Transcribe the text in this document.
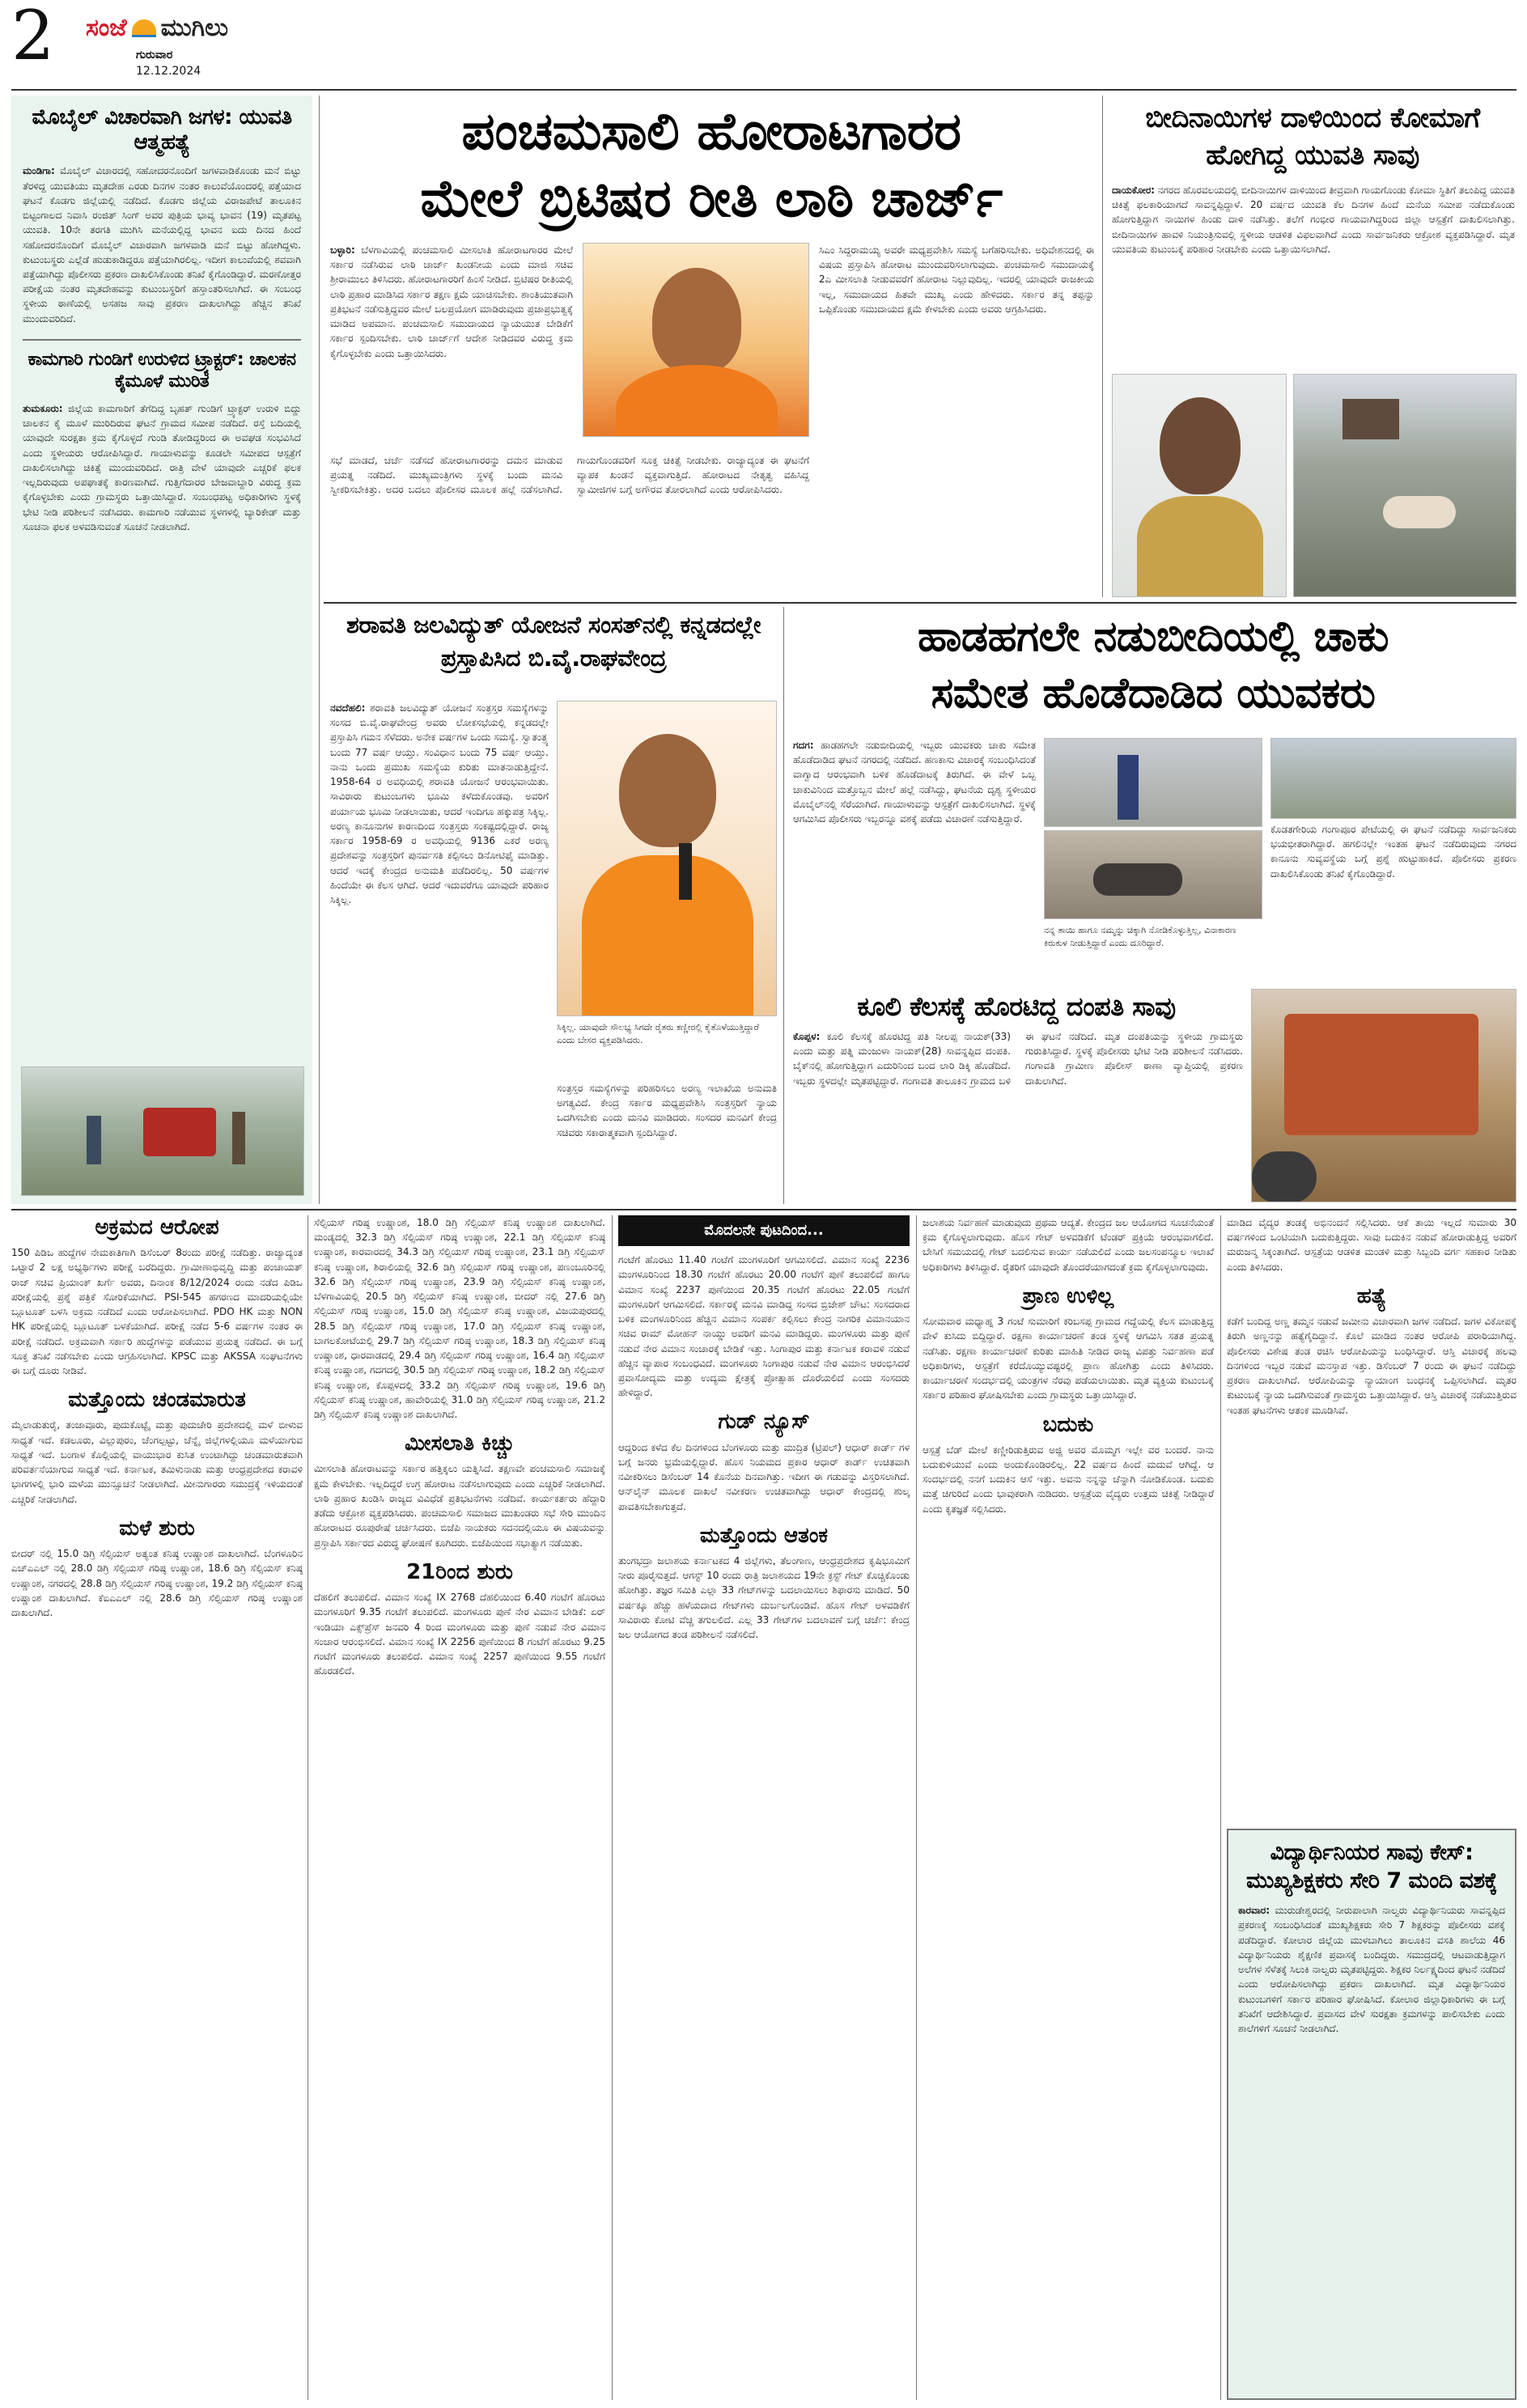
2 ಸಂಜೆ ಮುಗಿಲು
ಗುರುವಾರ
12.12.2024
ಮೊಬೈಲ್ ವಿಚಾರವಾಗಿ ಜಗಳ: ಯುವತಿ ಆತ್ಮಹತ್ಯೆ
ಮಂಡಿಗಾ: ಮೊಬೈಲ್ ವಿಚಾರದಲ್ಲಿ ಸಹೋದರನೊಂದಿಗೆ ಜಗಳವಾಡಿಕೊಂಡು ಮನೆ ಬಿಟ್ಟು ತೆರಳಿದ್ದ ಯುವತಿಯು ಮೃತದೇಹ ಎರಡು ದಿನಗಳ ನಂತರ ಕಾಲುವೆಯೊಂದರಲ್ಲಿ ಪತ್ತೆಯಾದ ಘಟನೆ ಕೊಡಗು ಜಿಲ್ಲೆಯಲ್ಲಿ ನಡೆದಿದೆ. ಕೊಡಗು ಜಿಲ್ಲೆಯ ವಿರಾಜಪೇಟೆ ತಾಲೂಕಿನ ಬಿಟ್ಟಂಗಾಲದ ನಿವಾಸಿ ರಂಜಿತ್ ಸಿಂಗ್ ಅವರ ಪುತ್ರಿಯ ಭಾವ್ಯ ಭಾವನ (19) ಮೃತಪಟ್ಟ ಯುವತಿ. 10ನೇ ತರಗತಿ ಮುಗಿಸಿ ಮನೆಯಲ್ಲಿದ್ದ ಭಾವನ ಐದು ದಿನದ ಹಿಂದೆ ಸಹೋದರನೊಂದಿಗೆ ಮೊಬೈಲ್ ವಿಚಾರವಾಗಿ ಜಗಳವಾಡಿ ಮನೆ ಬಿಟ್ಟು ಹೋಗಿದ್ದಳು. ಕುಟುಂಬಸ್ಥರು ಎಲ್ಲೆಡೆ ಹುಡುಕಾಡಿದ್ದರೂ ಪತ್ತೆಯಾಗಿರಲಿಲ್ಲ. ಇದೀಗ ಕಾಲುವೆಯಲ್ಲಿ ಶವವಾಗಿ ಪತ್ತೆಯಾಗಿದ್ದು ಪೊಲೀಸರು ಪ್ರಕರಣ ದಾಖಲಿಸಿಕೊಂಡು ತನಿಖೆ ಕೈಗೊಂಡಿದ್ದಾರೆ. ಮರಣೋತ್ತರ ಪರೀಕ್ಷೆಯ ನಂತರ ಮೃತದೇಹವನ್ನು ಕುಟುಂಬಸ್ಥರಿಗೆ ಹಸ್ತಾಂತರಿಸಲಾಗಿದೆ. ಈ ಸಂಬಂಧ ಸ್ಥಳೀಯ ಠಾಣೆಯಲ್ಲಿ ಅಸಹಜ ಸಾವು ಪ್ರಕರಣ ದಾಖಲಾಗಿದ್ದು ಹೆಚ್ಚಿನ ತನಿಖೆ ಮುಂದುವರಿದಿದೆ.
ಕಾಮಗಾರಿ ಗುಂಡಿಗೆ ಉರುಳಿದ ಟ್ರ್ಯಾಕ್ಟರ್: ಚಾಲಕನ ಕೈಮೂಳೆ ಮುರಿತ
ತುಮಕೂರು: ಜಿಲ್ಲೆಯ ಕಾಮಗಾರಿಗೆ ತೆಗೆದಿದ್ದ ಬೃಹತ್ ಗುಂಡಿಗೆ ಟ್ರ್ಯಾಕ್ಟರ್ ಉರುಳಿ ಬಿದ್ದು ಚಾಲಕನ ಕೈ ಮೂಳೆ ಮುರಿದಿರುವ ಘಟನೆ ಗ್ರಾಮದ ಸಮೀಪ ನಡೆದಿದೆ. ರಸ್ತೆ ಬದಿಯಲ್ಲಿ ಯಾವುದೇ ಸುರಕ್ಷತಾ ಕ್ರಮ ಕೈಗೊಳ್ಳದೆ ಗುಂಡಿ ತೋಡಿದ್ದರಿಂದ ಈ ಅವಘಡ ಸಂಭವಿಸಿದೆ ಎಂದು ಸ್ಥಳೀಯರು ಆರೋಪಿಸಿದ್ದಾರೆ. ಗಾಯಾಳುವನ್ನು ಕೂಡಲೇ ಸಮೀಪದ ಆಸ್ಪತ್ರೆಗೆ ದಾಖಲಿಸಲಾಗಿದ್ದು ಚಿಕಿತ್ಸೆ ಮುಂದುವರಿದಿದೆ. ರಾತ್ರಿ ವೇಳೆ ಯಾವುದೇ ಎಚ್ಚರಿಕೆ ಫಲಕ ಇಲ್ಲದಿರುವುದು ಅಪಘಾತಕ್ಕೆ ಕಾರಣವಾಗಿದೆ. ಗುತ್ತಿಗೆದಾರರ ಬೇಜವಾಬ್ದಾರಿ ವಿರುದ್ಧ ಕ್ರಮ ಕೈಗೊಳ್ಳಬೇಕು ಎಂದು ಗ್ರಾಮಸ್ಥರು ಒತ್ತಾಯಿಸಿದ್ದಾರೆ. ಸಂಬಂಧಪಟ್ಟ ಅಧಿಕಾರಿಗಳು ಸ್ಥಳಕ್ಕೆ ಭೇಟಿ ನೀಡಿ ಪರಿಶೀಲನೆ ನಡೆಸಿದರು. ಕಾಮಗಾರಿ ನಡೆಯುವ ಸ್ಥಳಗಳಲ್ಲಿ ಬ್ಯಾರಿಕೇಡ್ ಮತ್ತು ಸೂಚನಾ ಫಲಕ ಅಳವಡಿಸುವಂತೆ ಸೂಚನೆ ನೀಡಲಾಗಿದೆ.
ಪಂಚಮಸಾಲಿ ಹೋರಾಟಗಾರರ
ಮೇಲೆ ಬ್ರಿಟಿಷರ ರೀತಿ ಲಾಠಿ ಚಾರ್ಜ್
ಬಳ್ಳಾರಿ: ಬೆಳಗಾವಿಯಲ್ಲಿ ಪಂಚಮಸಾಲಿ ಮೀಸಲಾತಿ ಹೋರಾಟಗಾರರ ಮೇಲೆ ಸರ್ಕಾರ ನಡೆಸಿರುವ ಲಾಠಿ ಚಾರ್ಜ್ ಖಂಡನೀಯ ಎಂದು ಮಾಜಿ ಸಚಿವ ಶ್ರೀರಾಮುಲು ತಿಳಿಸಿದರು. ಹೋರಾಟಗಾರರಿಗೆ ಹಿಂಸೆ ನೀಡಿದೆ. ಬ್ರಿಟಿಷರ ರೀತಿಯಲ್ಲಿ ಲಾಠಿ ಪ್ರಹಾರ ಮಾಡಿಸಿದ ಸರ್ಕಾರ ತಕ್ಷಣ ಕ್ಷಮೆ ಯಾಚಿಸಬೇಕು. ಶಾಂತಿಯುತವಾಗಿ ಪ್ರತಿಭಟನೆ ನಡೆಸುತ್ತಿದ್ದವರ ಮೇಲೆ ಬಲಪ್ರಯೋಗ ಮಾಡಿರುವುದು ಪ್ರಜಾಪ್ರಭುತ್ವಕ್ಕೆ ಮಾಡಿದ ಅಪಮಾನ. ಪಂಚಮಸಾಲಿ ಸಮುದಾಯದ ನ್ಯಾಯಯುತ ಬೇಡಿಕೆಗೆ ಸರ್ಕಾರ ಸ್ಪಂದಿಸಬೇಕು. ಲಾಠಿ ಚಾರ್ಜ್‌ಗೆ ಆದೇಶ ನೀಡಿದವರ ವಿರುದ್ಧ ಕ್ರಮ ಕೈಗೊಳ್ಳಬೇಕು ಎಂದು ಒತ್ತಾಯಿಸಿದರು.
ಸಿಎಂ ಸಿದ್ದರಾಮಯ್ಯ ಅವರೇ ಮಧ್ಯಪ್ರವೇಶಿಸಿ ಸಮಸ್ಯೆ ಬಗೆಹರಿಸಬೇಕು. ಅಧಿವೇಶನದಲ್ಲಿ ಈ ವಿಷಯ ಪ್ರಸ್ತಾಪಿಸಿ ಹೋರಾಟ ಮುಂದುವರಿಸಲಾಗುವುದು. ಪಂಚಮಸಾಲಿ ಸಮುದಾಯಕ್ಕೆ 2ಎ ಮೀಸಲಾತಿ ನೀಡುವವರೆಗೆ ಹೋರಾಟ ನಿಲ್ಲುವುದಿಲ್ಲ. ಇದರಲ್ಲಿ ಯಾವುದೇ ರಾಜಕೀಯ ಇಲ್ಲ, ಸಮುದಾಯದ ಹಿತವೇ ಮುಖ್ಯ ಎಂದು ಹೇಳಿದರು. ಸರ್ಕಾರ ತನ್ನ ತಪ್ಪನ್ನು ಒಪ್ಪಿಕೊಂಡು ಸಮುದಾಯದ ಕ್ಷಮೆ ಕೇಳಬೇಕು ಎಂದು ಅವರು ಆಗ್ರಹಿಸಿದರು.
ಸಭೆ ಮಾಡದೆ, ಚರ್ಚೆ ನಡೆಸದೆ ಹೋರಾಟಗಾರರನ್ನು ದಮನ ಮಾಡುವ ಪ್ರಯತ್ನ ನಡೆದಿದೆ. ಮುಖ್ಯಮಂತ್ರಿಗಳು ಸ್ಥಳಕ್ಕೆ ಬಂದು ಮನವಿ ಸ್ವೀಕರಿಸಬೇಕಿತ್ತು. ಅದರ ಬದಲು ಪೊಲೀಸರ ಮೂಲಕ ಹಲ್ಲೆ ನಡೆಸಲಾಗಿದೆ. ಗಾಯಗೊಂಡವರಿಗೆ ಸೂಕ್ತ ಚಿಕಿತ್ಸೆ ನೀಡಬೇಕು. ರಾಜ್ಯಾದ್ಯಂತ ಈ ಘಟನೆಗೆ ವ್ಯಾಪಕ ಖಂಡನೆ ವ್ಯಕ್ತವಾಗುತ್ತಿದೆ. ಹೋರಾಟದ ನೇತೃತ್ವ ವಹಿಸಿದ್ದ ಸ್ವಾಮೀಜಿಗಳ ಬಗ್ಗೆ ಅಗೌರವ ತೋರಲಾಗಿದೆ ಎಂದು ಆರೋಪಿಸಿದರು.
ಬೀದಿನಾಯಿಗಳ ದಾಳಿಯಿಂದ ಕೋಮಾಗೆ ಹೋಗಿದ್ದ ಯುವತಿ ಸಾವು
ದಾಯಕೋರ: ನಗರದ ಹೊರವಲಯದಲ್ಲಿ ಬೀದಿನಾಯಿಗಳ ದಾಳಿಯಿಂದ ತೀವ್ರವಾಗಿ ಗಾಯಗೊಂಡು ಕೋಮಾ ಸ್ಥಿತಿಗೆ ತಲುಪಿದ್ದ ಯುವತಿ ಚಿಕಿತ್ಸೆ ಫಲಕಾರಿಯಾಗದೆ ಸಾವನ್ನಪ್ಪಿದ್ದಾಳೆ. 20 ವರ್ಷದ ಯುವತಿ ಕೆಲ ದಿನಗಳ ಹಿಂದೆ ಮನೆಯ ಸಮೀಪ ನಡೆದುಕೊಂಡು ಹೋಗುತ್ತಿದ್ದಾಗ ನಾಯಿಗಳ ಹಿಂಡು ದಾಳಿ ನಡೆಸಿತ್ತು. ತಲೆಗೆ ಗಂಭೀರ ಗಾಯವಾಗಿದ್ದರಿಂದ ಜಿಲ್ಲಾ ಆಸ್ಪತ್ರೆಗೆ ದಾಖಲಿಸಲಾಗಿತ್ತು. ಬೀದಿನಾಯಿಗಳ ಹಾವಳಿ ನಿಯಂತ್ರಿಸುವಲ್ಲಿ ಸ್ಥಳೀಯ ಆಡಳಿತ ವಿಫಲವಾಗಿದೆ ಎಂದು ಸಾರ್ವಜನಿಕರು ಆಕ್ರೋಶ ವ್ಯಕ್ತಪಡಿಸಿದ್ದಾರೆ. ಮೃತ ಯುವತಿಯ ಕುಟುಂಬಕ್ಕೆ ಪರಿಹಾರ ನೀಡಬೇಕು ಎಂದು ಒತ್ತಾಯಿಸಲಾಗಿದೆ.
ಶರಾವತಿ ಜಲವಿದ್ಯುತ್ ಯೋಜನೆ ಸಂಸತ್‌ನಲ್ಲಿ ಕನ್ನಡದಲ್ಲೇ ಪ್ರಸ್ತಾಪಿಸಿದ ಬಿ.ವೈ.ರಾಘವೇಂದ್ರ
ನವದೆಹಲಿ: ಶರಾವತಿ ಜಲವಿದ್ಯುತ್ ಯೋಜನೆ ಸಂತ್ರಸ್ತರ ಸಮಸ್ಯೆಗಳನ್ನು ಸಂಸದ ಬಿ.ವೈ.ರಾಘವೇಂದ್ರ ಅವರು ಲೋಕಸಭೆಯಲ್ಲಿ ಕನ್ನಡದಲ್ಲೇ ಪ್ರಸ್ತಾಪಿಸಿ ಗಮನ ಸೆಳೆದರು. ಅನೇಕ ವರ್ಷಗಳ ಒಂದು ಸಮಸ್ಯೆ. ಸ್ವಾತಂತ್ರ್ಯ ಬಂದು 77 ವರ್ಷ ಆಯ್ತು. ಸಂವಿಧಾನ ಬಂದು 75 ವರ್ಷ ಆಯ್ತು. ನಾನು ಒಂದು ಪ್ರಮುಖ ಸಮಸ್ಯೆಯ ಕುರಿತು ಮಾತನಾಡುತ್ತಿದ್ದೇನೆ. 1958-64 ರ ಅವಧಿಯಲ್ಲಿ ಶರಾವತಿ ಯೋಜನೆ ಆರಂಭವಾಯಿತು. ಸಾವಿರಾರು ಕುಟುಂಬಗಳು ಭೂಮಿ ಕಳೆದುಕೊಂಡವು. ಅವರಿಗೆ ಪರ್ಯಾಯ ಭೂಮಿ ನೀಡಲಾಯಿತು, ಆದರೆ ಇಂದಿಗೂ ಹಕ್ಕುಪತ್ರ ಸಿಕ್ಕಿಲ್ಲ. ಅರಣ್ಯ ಕಾನೂನುಗಳ ಕಾರಣದಿಂದ ಸಂತ್ರಸ್ತರು ಸಂಕಷ್ಟದಲ್ಲಿದ್ದಾರೆ. ರಾಜ್ಯ ಸರ್ಕಾರ 1958-69 ರ ಅವಧಿಯಲ್ಲಿ 9136 ಎಕರೆ ಅರಣ್ಯ ಪ್ರದೇಶವನ್ನು ಸಂತ್ರಸ್ತರಿಗೆ ಪುನರ್ವಸತಿ ಕಲ್ಪಿಸಲು ಡಿನೋಟಿಫೈ ಮಾಡಿತ್ತು. ಆದರೆ ಇದಕ್ಕೆ ಕೇಂದ್ರದ ಅನುಮತಿ ಪಡೆದಿರಲಿಲ್ಲ. 50 ವರ್ಷಗಳ ಹಿಂದೆಯೇ ಈ ಕೆಲಸ ಆಗಿದೆ. ಆದರೆ ಇದುವರೆಗೂ ಯಾವುದೇ ಪರಿಹಾರ ಸಿಕ್ಕಿಲ್ಲ.
ಸಿಕ್ಕಿಲ್ಲ. ಯಾವುದೇ ಸೌಲಭ್ಯ ಸಿಗದೇ ರೈತರು ಕಣ್ಣೀರಲ್ಲಿ ಕೈತೊಳೆಯುತ್ತಿದ್ದಾರೆ ಎಂದು ಬೇಸರ ವ್ಯಕ್ತಪಡಿಸಿದರು.
ಸಂತ್ರಸ್ತರ ಸಮಸ್ಯೆಗಳನ್ನು ಪರಿಹರಿಸಲು ಅರಣ್ಯ ಇಲಾಖೆಯ ಅನುಮತಿ ಅಗತ್ಯವಿದೆ. ಕೇಂದ್ರ ಸರ್ಕಾರ ಮಧ್ಯಪ್ರವೇಶಿಸಿ ಸಂತ್ರಸ್ತರಿಗೆ ನ್ಯಾಯ ಒದಗಿಸಬೇಕು ಎಂದು ಮನವಿ ಮಾಡಿದರು. ಸಂಸದರ ಮನವಿಗೆ ಕೇಂದ್ರ ಸಚಿವರು ಸಕಾರಾತ್ಮಕವಾಗಿ ಸ್ಪಂದಿಸಿದ್ದಾರೆ.
ಹಾಡಹಗಲೇ ನಡುಬೀದಿಯಲ್ಲಿ ಚಾಕು
ಸಮೇತ ಹೊಡೆದಾಡಿದ ಯುವಕರು
ಗದಗ: ಹಾಡಹಗಲೇ ನಡುಬೀದಿಯಲ್ಲಿ ಇಬ್ಬರು ಯುವಕರು ಚಾಕು ಸಮೇತ ಹೊಡೆದಾಡಿದ ಘಟನೆ ನಗರದಲ್ಲಿ ನಡೆದಿದೆ. ಹಣಕಾಸು ವಿಚಾರಕ್ಕೆ ಸಂಬಂಧಿಸಿದಂತೆ ವಾಗ್ವಾದ ಆರಂಭವಾಗಿ ಬಳಿಕ ಹೊಡೆದಾಟಕ್ಕೆ ತಿರುಗಿದೆ. ಈ ವೇಳೆ ಒಬ್ಬ ಚಾಕುವಿನಿಂದ ಮತ್ತೊಬ್ಬನ ಮೇಲೆ ಹಲ್ಲೆ ನಡೆಸಿದ್ದು, ಘಟನೆಯ ದೃಶ್ಯ ಸ್ಥಳೀಯರ ಮೊಬೈಲ್‌ನಲ್ಲಿ ಸೆರೆಯಾಗಿದೆ. ಗಾಯಾಳುವನ್ನು ಆಸ್ಪತ್ರೆಗೆ ದಾಖಲಿಸಲಾಗಿದೆ. ಸ್ಥಳಕ್ಕೆ ಆಗಮಿಸಿದ ಪೊಲೀಸರು ಇಬ್ಬರನ್ನೂ ವಶಕ್ಕೆ ಪಡೆದು ವಿಚಾರಣೆ ನಡೆಸುತ್ತಿದ್ದಾರೆ.
ನನ್ನ ತಾಯಿ ಹಾಗೂ ನಮ್ಮನ್ನು ಚಿಕ್ಕಾಗಿ ನೋಡಿಕೊಳ್ಳುತ್ತಿಲ್ಲ, ವಿನಾಕಾರಣ ಕಿರುಕುಳ ನೀಡುತ್ತಿದ್ದಾರೆ ಎಂದು ದೂರಿದ್ದಾರೆ.
ಕೊಡತಗೇರಿಯ ಗಂಗಾಪೂರ ಪೇಟೆಯಲ್ಲಿ ಈ ಘಟನೆ ನಡೆದಿದ್ದು ಸಾರ್ವಜನಿಕರು ಭಯಭೀತರಾಗಿದ್ದಾರೆ. ಹಗಲಿನಲ್ಲೇ ಇಂತಹ ಘಟನೆ ನಡೆದಿರುವುದು ನಗರದ ಕಾನೂನು ಸುವ್ಯವಸ್ಥೆಯ ಬಗ್ಗೆ ಪ್ರಶ್ನೆ ಹುಟ್ಟುಹಾಕಿದೆ. ಪೊಲೀಸರು ಪ್ರಕರಣ ದಾಖಲಿಸಿಕೊಂಡು ತನಿಖೆ ಕೈಗೊಂಡಿದ್ದಾರೆ.
ಕೂಲಿ ಕೆಲಸಕ್ಕೆ ಹೊರಟಿದ್ದ ದಂಪತಿ ಸಾವು
ಕೊಪ್ಪಳ: ಕೂಲಿ ಕೆಲಸಕ್ಕೆ ಹೊರಟಿದ್ದ ಪತಿ ನೀಲಪ್ಪ ನಾಯಕ್(33) ಎಂದು ಮತ್ತು ಪತ್ನಿ ಮಂಜುಳಾ ನಾಯಕ್(28) ಸಾವನ್ನಪ್ಪಿದ ದಂಪತಿ. ಬೈಕ್‌ನಲ್ಲಿ ಹೋಗುತ್ತಿದ್ದಾಗ ಎದುರಿನಿಂದ ಬಂದ ಲಾರಿ ಡಿಕ್ಕಿ ಹೊಡೆದಿದೆ. ಇಬ್ಬರು ಸ್ಥಳದಲ್ಲೇ ಮೃತಪಟ್ಟಿದ್ದಾರೆ. ಗಂಗಾವತಿ ತಾಲೂಕಿನ ಗ್ರಾಮದ ಬಳಿ ಈ ಘಟನೆ ನಡೆದಿದೆ. ಮೃತ ದಂಪತಿಯನ್ನು ಸ್ಥಳೀಯ ಗ್ರಾಮಸ್ಥರು ಗುರುತಿಸಿದ್ದಾರೆ. ಸ್ಥಳಕ್ಕೆ ಪೊಲೀಸರು ಭೇಟಿ ನೀಡಿ ಪರಿಶೀಲನೆ ನಡೆಸಿದರು. ಗಂಗಾವತಿ ಗ್ರಾಮೀಣ ಪೊಲೀಸ್ ಠಾಣಾ ವ್ಯಾಪ್ತಿಯಲ್ಲಿ ಪ್ರಕರಣ ದಾಖಲಾಗಿದೆ.
ಅಕ್ರಮದ ಆರೋಪ
150 ಪಿಡಿಒ ಹುದ್ದೆಗಳ ನೇಮಕಾತಿಗಾಗಿ ಡಿಸೆಂಬರ್ 8ರಂದು ಪರೀಕ್ಷೆ ನಡೆದಿತ್ತು. ರಾಜ್ಯಾದ್ಯಂತ ಒಟ್ಟಾರೆ 2 ಲಕ್ಷ ಅಭ್ಯರ್ಥಿಗಳು ಪರೀಕ್ಷೆ ಬರೆದಿದ್ದರು. ಗ್ರಾಮೀಣಾಭಿವೃದ್ಧಿ ಮತ್ತು ಪಂಚಾಯತ್ ರಾಜ್ ಸಚಿವ ಪ್ರಿಯಾಂಕ್ ಖರ್ಗೆ ಅವರು, ದಿನಾಂಕ 8/12/2024 ರಂದು ನಡೆದ ಪಿಡಿಒ ಪರೀಕ್ಷೆಯಲ್ಲಿ ಪ್ರಶ್ನೆ ಪತ್ರಿಕೆ ಸೋರಿಕೆಯಾಗಿದೆ. PSI-545 ಹಗರಣದ ಮಾದರಿಯಲ್ಲಿಯೇ ಬ್ಲೂಟೂತ್ ಬಳಸಿ ಅಕ್ರಮ ನಡೆದಿದೆ ಎಂದು ಆರೋಪಿಸಲಾಗಿದೆ. PDO HK ಮತ್ತು NON HK ಪರೀಕ್ಷೆಯಲ್ಲಿ ಬ್ಲೂಟೂತ್ ಬಳಕೆಯಾಗಿದೆ. ಪರೀಕ್ಷೆ ನಡೆದ 5-6 ವರ್ಷಗಳ ನಂತರ ಈ ಪರೀಕ್ಷೆ ನಡೆದಿದೆ. ಅಕ್ರಮವಾಗಿ ಸರ್ಕಾರಿ ಹುದ್ದೆಗಳನ್ನು ಪಡೆಯುವ ಪ್ರಯತ್ನ ನಡೆದಿದೆ. ಈ ಬಗ್ಗೆ ಸೂಕ್ತ ತನಿಖೆ ನಡೆಸಬೇಕು ಎಂದು ಆಗ್ರಹಿಸಲಾಗಿದೆ. KPSC ಮತ್ತು AKSSA ಸಂಘಟನೆಗಳು ಈ ಬಗ್ಗೆ ದೂರು ನೀಡಿವೆ.
ಮತ್ತೊಂದು ಚಂಡಮಾರುತ
ಮೈಲಾಡುತುರೈ, ತಂಜಾವೂರು, ಪುದುಕೊಟ್ಟೈ ಮತ್ತು ಪುದುಚೇರಿ ಪ್ರದೇಶದಲ್ಲಿ ಮಳೆ ಬೀಳುವ ಸಾಧ್ಯತೆ ಇದೆ. ಕಡಲೂರು, ವಿಲ್ಲುಪುರಂ, ಚೆಂಗಲ್ಪಟ್ಟು, ಚೆನ್ನೈ ಜಿಲ್ಲೆಗಳಲ್ಲಿಯೂ ಮಳೆಯಾಗುವ ಸಾಧ್ಯತೆ ಇದೆ. ಬಂಗಾಳ ಕೊಲ್ಲಿಯಲ್ಲಿ ವಾಯುಭಾರ ಕುಸಿತ ಉಂಟಾಗಿದ್ದು ಚಂಡಮಾರುತವಾಗಿ ಪರಿವರ್ತನೆಯಾಗುವ ಸಾಧ್ಯತೆ ಇದೆ. ಕರ್ನಾಟಕ, ತಮಿಳುನಾಡು ಮತ್ತು ಆಂಧ್ರಪ್ರದೇಶದ ಕರಾವಳಿ ಭಾಗಗಳಲ್ಲಿ ಭಾರಿ ಮಳೆಯ ಮುನ್ಸೂಚನೆ ನೀಡಲಾಗಿದೆ. ಮೀನುಗಾರರು ಸಮುದ್ರಕ್ಕೆ ಇಳಿಯದಂತೆ ಎಚ್ಚರಿಕೆ ನೀಡಲಾಗಿದೆ.
ಮಳೆ ಶುರು
ಬೀದರ್ ನಲ್ಲಿ 15.0 ಡಿಗ್ರಿ ಸೆಲ್ಸಿಯಸ್ ಅತ್ಯಂತ ಕನಿಷ್ಠ ಉಷ್ಣಾಂಶ ದಾಖಲಾಗಿದೆ. ಬೆಂಗಳೂರಿನ ಎಚ್ಎಎಲ್ ನಲ್ಲಿ 28.0 ಡಿಗ್ರಿ ಸೆಲ್ಸಿಯಸ್ ಗರಿಷ್ಠ ಉಷ್ಣಾಂಶ, 18.6 ಡಿಗ್ರಿ ಸೆಲ್ಸಿಯಸ್ ಕನಿಷ್ಠ ಉಷ್ಣಾಂಶ, ನಗರದಲ್ಲಿ 28.8 ಡಿಗ್ರಿ ಸೆಲ್ಸಿಯಸ್ ಗರಿಷ್ಠ ಉಷ್ಣಾಂಶ, 19.2 ಡಿಗ್ರಿ ಸೆಲ್ಸಿಯಸ್ ಕನಿಷ್ಠ ಉಷ್ಣಾಂಶ ದಾಖಲಾಗಿದೆ. ಕೆಐಎಎಲ್ ನಲ್ಲಿ 28.6 ಡಿಗ್ರಿ ಸೆಲ್ಸಿಯಸ್ ಗರಿಷ್ಠ ಉಷ್ಣಾಂಶ ದಾಖಲಾಗಿದೆ.
ಸೆಲ್ಸಿಯಸ್ ಗರಿಷ್ಠ ಉಷ್ಣಾಂಶ, 18.0 ಡಿಗ್ರಿ ಸೆಲ್ಸಿಯಸ್ ಕನಿಷ್ಠ ಉಷ್ಣಾಂಶ ದಾಖಲಾಗಿದೆ. ಮಂಡ್ಯದಲ್ಲಿ 32.3 ಡಿಗ್ರಿ ಸೆಲ್ಸಿಯಸ್ ಗರಿಷ್ಠ ಉಷ್ಣಾಂಶ, 22.1 ಡಿಗ್ರಿ ಸೆಲ್ಸಿಯಸ್ ಕನಿಷ್ಠ ಉಷ್ಣಾಂಶ, ಕಾರವಾರದಲ್ಲಿ 34.3 ಡಿಗ್ರಿ ಸೆಲ್ಸಿಯಸ್ ಗರಿಷ್ಠ ಉಷ್ಣಾಂಶ, 23.1 ಡಿಗ್ರಿ ಸೆಲ್ಸಿಯಸ್ ಕನಿಷ್ಠ ಉಷ್ಣಾಂಶ, ಶಿರಾಲಿಯಲ್ಲಿ 32.6 ಡಿಗ್ರಿ ಸೆಲ್ಸಿಯಸ್ ಗರಿಷ್ಠ ಉಷ್ಣಾಂಶ, ಪಣಂಬೂರಿನಲ್ಲಿ 32.6 ಡಿಗ್ರಿ ಸೆಲ್ಸಿಯಸ್ ಗರಿಷ್ಠ ಉಷ್ಣಾಂಶ, 23.9 ಡಿಗ್ರಿ ಸೆಲ್ಸಿಯಸ್ ಕನಿಷ್ಠ ಉಷ್ಣಾಂಶ, ಬೆಳಗಾವಿಯಲ್ಲಿ 20.5 ಡಿಗ್ರಿ ಸೆಲ್ಸಿಯಸ್ ಕನಿಷ್ಠ ಉಷ್ಣಾಂಶ, ಬೀದರ್ ನಲ್ಲಿ 27.6 ಡಿಗ್ರಿ ಸೆಲ್ಸಿಯಸ್ ಗರಿಷ್ಠ ಉಷ್ಣಾಂಶ, 15.0 ಡಿಗ್ರಿ ಸೆಲ್ಸಿಯಸ್ ಕನಿಷ್ಠ ಉಷ್ಣಾಂಶ, ವಿಜಯಪುರದಲ್ಲಿ 28.5 ಡಿಗ್ರಿ ಸೆಲ್ಸಿಯಸ್ ಗರಿಷ್ಠ ಉಷ್ಣಾಂಶ, 17.0 ಡಿಗ್ರಿ ಸೆಲ್ಸಿಯಸ್ ಕನಿಷ್ಠ ಉಷ್ಣಾಂಶ, ಬಾಗಲಕೋಟೆಯಲ್ಲಿ 29.7 ಡಿಗ್ರಿ ಸೆಲ್ಸಿಯಸ್ ಗರಿಷ್ಠ ಉಷ್ಣಾಂಶ, 18.3 ಡಿಗ್ರಿ ಸೆಲ್ಸಿಯಸ್ ಕನಿಷ್ಠ ಉಷ್ಣಾಂಶ, ಧಾರವಾಡದಲ್ಲಿ 29.4 ಡಿಗ್ರಿ ಸೆಲ್ಸಿಯಸ್ ಗರಿಷ್ಠ ಉಷ್ಣಾಂಶ, 16.4 ಡಿಗ್ರಿ ಸೆಲ್ಸಿಯಸ್ ಕನಿಷ್ಠ ಉಷ್ಣಾಂಶ, ಗದಗದಲ್ಲಿ 30.5 ಡಿಗ್ರಿ ಸೆಲ್ಸಿಯಸ್ ಗರಿಷ್ಠ ಉಷ್ಣಾಂಶ, 18.2 ಡಿಗ್ರಿ ಸೆಲ್ಸಿಯಸ್ ಕನಿಷ್ಠ ಉಷ್ಣಾಂಶ, ಕೊಪ್ಪಳದಲ್ಲಿ 33.2 ಡಿಗ್ರಿ ಸೆಲ್ಸಿಯಸ್ ಗರಿಷ್ಠ ಉಷ್ಣಾಂಶ, 19.6 ಡಿಗ್ರಿ ಸೆಲ್ಸಿಯಸ್ ಕನಿಷ್ಠ ಉಷ್ಣಾಂಶ, ಹಾವೇರಿಯಲ್ಲಿ 31.0 ಡಿಗ್ರಿ ಸೆಲ್ಸಿಯಸ್ ಗರಿಷ್ಠ ಉಷ್ಣಾಂಶ, 21.2 ಡಿಗ್ರಿ ಸೆಲ್ಸಿಯಸ್ ಕನಿಷ್ಠ ಉಷ್ಣಾಂಶ ದಾಖಲಾಗಿದೆ.
ಮೀಸಲಾತಿ ಕಿಚ್ಚು
ಮೀಸಲಾತಿ ಹೋರಾಟವನ್ನು ಸರ್ಕಾರ ಹತ್ತಿಕ್ಕಲು ಯತ್ನಿಸಿದೆ. ತಕ್ಷಣವೇ ಪಂಚಮಸಾಲಿ ಸಮಾಜಕ್ಕೆ ಕ್ಷಮೆ ಕೇಳಬೇಕು. ಇಲ್ಲದಿದ್ದರೆ ಉಗ್ರ ಹೋರಾಟ ನಡೆಸಲಾಗುವುದು ಎಂದು ಎಚ್ಚರಿಕೆ ನೀಡಲಾಗಿದೆ. ಲಾಠಿ ಪ್ರಹಾರ ಖಂಡಿಸಿ ರಾಜ್ಯದ ವಿವಿಧೆಡೆ ಪ್ರತಿಭಟನೆಗಳು ನಡೆದಿವೆ. ಕಾರ್ಯಕರ್ತರು ಹೆದ್ದಾರಿ ತಡೆದು ಆಕ್ರೋಶ ವ್ಯಕ್ತಪಡಿಸಿದರು. ಪಂಚಮಸಾಲಿ ಸಮಾಜದ ಮುಖಂಡರು ಸಭೆ ಸೇರಿ ಮುಂದಿನ ಹೋರಾಟದ ರೂಪುರೇಷೆ ಚರ್ಚಿಸಿದರು. ಬಿಜೆಪಿ ನಾಯಕರು ಸದನದಲ್ಲಿಯೂ ಈ ವಿಷಯವನ್ನು ಪ್ರಸ್ತಾಪಿಸಿ ಸರ್ಕಾರದ ವಿರುದ್ಧ ಘೋಷಣೆ ಕೂಗಿದರು. ಬಿಜೆಪಿಯಿಂದ ಸಭಾತ್ಯಾಗ ನಡೆಯಿತು.
21ರಿಂದ ಶುರು
ದೆಹಲಿಗೆ ತಲುಪಲಿದೆ. ವಿಮಾನ ಸಂಖ್ಯೆ IX 2768 ದೆಹಲಿಯಿಂದ 6.40 ಗಂಟೆಗೆ ಹೊರಟು ಮಂಗಳೂರಿಗೆ 9.35 ಗಂಟೆಗೆ ತಲುಪಲಿದೆ. ಮಂಗಳೂರು ಪುಣೆ ನೇರ ವಿಮಾನ ಬೇಡಿಕೆ: ಏರ್ ಇಂಡಿಯಾ ಎಕ್ಸ್‌ಪ್ರೆಸ್ ಜನವರಿ 4 ರಿಂದ ಮಂಗಳೂರು ಮತ್ತು ಪುಣೆ ನಡುವೆ ನೇರ ವಿಮಾನ ಸಂಚಾರ ಆರಂಭಿಸಲಿದೆ. ವಿಮಾನ ಸಂಖ್ಯೆ IX 2256 ಪುಣೆಯಿಂದ 8 ಗಂಟೆಗೆ ಹೊರಟು 9.25 ಗಂಟೆಗೆ ಮಂಗಳೂರು ತಲುಪಲಿದೆ. ವಿಮಾನ ಸಂಖ್ಯೆ 2257 ಪುಣೆಯಿಂದ 9.55 ಗಂಟೆಗೆ ಹೊರಡಲಿದೆ.
ಮೊದಲನೇ ಪುಟದಿಂದ...
ಗಂಟೆಗೆ ಹೊರಟು 11.40 ಗಂಟೆಗೆ ಮಂಗಳೂರಿಗೆ ಆಗಮಿಸಲಿದೆ. ವಿಮಾನ ಸಂಖ್ಯೆ 2236 ಮಂಗಳೂರಿನಿಂದ 18.30 ಗಂಟೆಗೆ ಹೊರಟು 20.00 ಗಂಟೆಗೆ ಪುಣೆ ತಲುಪಲಿದೆ ಹಾಗೂ ವಿಮಾನ ಸಂಖ್ಯೆ 2237 ಪುಣೆಯಿಂದ 20.35 ಗಂಟೆಗೆ ಹೊರಟು 22.05 ಗಂಟೆಗೆ ಮಂಗಳೂರಿಗೆ ಆಗಮಿಸಲಿದೆ. ಸರ್ಕಾರಕ್ಕೆ ಮನವಿ ಮಾಡಿದ್ದ ಸಂಸದ ಬ್ರಿಜೇಶ್ ಚೌಟ: ಸಂಸದರಾದ ಬಳಿಕ ಮಂಗಳೂರಿನಿಂದ ಹೆಚ್ಚಿನ ವಿಮಾನ ಸಂಪರ್ಕ ಕಲ್ಪಿಸಲು ಕೇಂದ್ರ ನಾಗರಿಕ ವಿಮಾನಯಾನ ಸಚಿವ ರಾಮ್ ಮೋಹನ್ ನಾಯ್ಡು ಅವರಿಗೆ ಮನವಿ ಮಾಡಿದ್ದರು. ಮಂಗಳೂರು ಮತ್ತು ಪುಣೆ ನಡುವೆ ನೇರ ವಿಮಾನ ಸಂಚಾರಕ್ಕೆ ಬೇಡಿಕೆ ಇತ್ತು. ಸಿಂಗಾಪುರ ಮತ್ತು ಕರ್ನಾಟಕ ಕರಾವಳಿ ನಡುವೆ ಹೆಚ್ಚಿನ ವ್ಯಾಪಾರ ಸಂಬಂಧವಿದೆ. ಮಂಗಳೂರು ಸಿಂಗಾಪುರ ನಡುವೆ ನೇರ ವಿಮಾನ ಆರಂಭಿಸಿದರೆ ಪ್ರವಾಸೋದ್ಯಮ ಮತ್ತು ಉದ್ಯಮ ಕ್ಷೇತ್ರಕ್ಕೆ ಪ್ರೋತ್ಸಾಹ ದೊರೆಯಲಿದೆ ಎಂದು ಸಂಸದರು ಹೇಳಿದ್ದಾರೆ.
ಗುಡ್ ನ್ಯೂಸ್
ಆದ್ದರಿಂದ ಕಳೆದ ಕೆಲ ದಿನಗಳಿಂದ ಬೆಂಗಳೂರು ಮತ್ತು ಮುದ್ರಿತ (ಟ್ರಿಪಲ್) ಆಧಾರ್ ಕಾರ್ಡ್ ಗಳ ಬಗ್ಗೆ ಜನರು ಭ್ರಮೆಯಲ್ಲಿದ್ದಾರೆ. ಹೊಸ ನಿಯಮದ ಪ್ರಕಾರ ಆಧಾರ್ ಕಾರ್ಡ್ ಉಚಿತವಾಗಿ ನವೀಕರಿಸಲು ಡಿಸೆಂಬರ್ 14 ಕೊನೆಯ ದಿನವಾಗಿತ್ತು. ಇದೀಗ ಈ ಗಡುವನ್ನು ವಿಸ್ತರಿಸಲಾಗಿದೆ. ಆನ್‌ಲೈನ್ ಮೂಲಕ ದಾಖಲೆ ನವೀಕರಣ ಉಚಿತವಾಗಿದ್ದು ಆಧಾರ್ ಕೇಂದ್ರದಲ್ಲಿ ಶುಲ್ಕ ಪಾವತಿಸಬೇಕಾಗುತ್ತದೆ.
ಮತ್ತೊಂದು ಆತಂಕ
ತುಂಗಭದ್ರಾ ಜಲಾಶಯ ಕರ್ನಾಟಕದ 4 ಜಿಲ್ಲೆಗಳು, ತೆಲಂಗಾಣ, ಆಂಧ್ರಪ್ರದೇಶದ ಕೃಷಿಭೂಮಿಗೆ ನೀರು ಪೂರೈಸುತ್ತದೆ. ಆಗಸ್ಟ್ 10 ರಂದು ರಾತ್ರಿ ಜಲಾಶಯದ 19ನೇ ಕ್ರಸ್ಟ್ ಗೇಟ್ ಕೊಚ್ಚಿಕೊಂಡು ಹೋಗಿತ್ತು. ತಜ್ಞರ ಸಮಿತಿ ಎಲ್ಲಾ 33 ಗೇಟ್‌ಗಳನ್ನು ಬದಲಾಯಿಸಲು ಶಿಫಾರಸು ಮಾಡಿದೆ. 50 ವರ್ಷಕ್ಕೂ ಹೆಚ್ಚು ಹಳೆಯದಾದ ಗೇಟ್‌ಗಳು ದುರ್ಬಲಗೊಂಡಿವೆ. ಹೊಸ ಗೇಟ್ ಅಳವಡಿಕೆಗೆ ಸಾವಿರಾರು ಕೋಟಿ ವೆಚ್ಚ ತಗುಲಲಿದೆ. ಎಲ್ಲ 33 ಗೇಟ್‌ಗಳ ಬದಲಾವಣೆ ಬಗ್ಗೆ ಚರ್ಚೆ: ಕೇಂದ್ರ ಜಲ ಆಯೋಗದ ತಂಡ ಪರಿಶೀಲನೆ ನಡೆಸಲಿದೆ.
ಜಲಾಶಯ ನಿರ್ವಹಣೆ ಮಾಡುವುದು ಪ್ರಥಮ ಆದ್ಯತೆ. ಕೇಂದ್ರದ ಜಲ ಆಯೋಗದ ಸೂಚನೆಯಂತೆ ಕ್ರಮ ಕೈಗೊಳ್ಳಲಾಗುವುದು. ಹೊಸ ಗೇಟ್ ಅಳವಡಿಕೆಗೆ ಟೆಂಡರ್ ಪ್ರಕ್ರಿಯೆ ಆರಂಭವಾಗಲಿದೆ. ಬೇಸಿಗೆ ಸಮಯದಲ್ಲಿ ಗೇಟ್ ಬದಲಿಸುವ ಕಾರ್ಯ ನಡೆಯಲಿದೆ ಎಂದು ಜಲಸಂಪನ್ಮೂಲ ಇಲಾಖೆ ಅಧಿಕಾರಿಗಳು ತಿಳಿಸಿದ್ದಾರೆ. ರೈತರಿಗೆ ಯಾವುದೇ ತೊಂದರೆಯಾಗದಂತೆ ಕ್ರಮ ಕೈಗೊಳ್ಳಲಾಗುವುದು.
ಪ್ರಾಣ ಉಳಿಲ್ಲ
ಸೋಮವಾರ ಮಧ್ಯಾಹ್ನ 3 ಗಂಟೆ ಸುಮಾರಿಗೆ ಕರಿಬಸಪ್ಪ ಗ್ರಾಮದ ಗದ್ದೆಯಲ್ಲಿ ಕೆಲಸ ಮಾಡುತ್ತಿದ್ದ ವೇಳೆ ಕುಸಿದು ಬಿದ್ದಿದ್ದಾರೆ. ರಕ್ಷಣಾ ಕಾರ್ಯಾಚರಣೆ ತಂಡ ಸ್ಥಳಕ್ಕೆ ಆಗಮಿಸಿ ಸತತ ಪ್ರಯತ್ನ ನಡೆಸಿತು. ರಕ್ಷಣಾ ಕಾರ್ಯಾಚರಣೆ ಕುರಿತು ಮಾಹಿತಿ ನೀಡಿದ ರಾಜ್ಯ ವಿಪತ್ತು ನಿರ್ವಹಣಾ ಪಡೆ ಅಧಿಕಾರಿಗಳು, ಆಸ್ಪತ್ರೆಗೆ ಕರೆದೊಯ್ಯುವಷ್ಟರಲ್ಲಿ ಪ್ರಾಣ ಹೋಗಿತ್ತು ಎಂದು ತಿಳಿಸಿದರು. ಕಾರ್ಯಾಚರಣೆ ಸಂದರ್ಭದಲ್ಲಿ ಯಂತ್ರಗಳ ನೆರವು ಪಡೆಯಲಾಯಿತು. ಮೃತ ವ್ಯಕ್ತಿಯ ಕುಟುಂಬಕ್ಕೆ ಸರ್ಕಾರ ಪರಿಹಾರ ಘೋಷಿಸಬೇಕು ಎಂದು ಗ್ರಾಮಸ್ಥರು ಒತ್ತಾಯಿಸಿದ್ದಾರೆ.
ಬದುಕು
ಆಸ್ಪತ್ರೆ ಬೆಡ್ ಮೇಲೆ ಕಣ್ಣೀರಿಡುತ್ತಿರುವ ಅಜ್ಜಿ ಅವರ ಮೊಮ್ಮಗ ಇಲ್ಲೇ ವರ ಬಂದರೆ. ನಾನು ಬದುಕುಳಿಯುವೆ ಎಂದು ಅಂದುಕೊಂಡಿರಲಿಲ್ಲ. 22 ವರ್ಷದ ಹಿಂದೆ ಮದುವೆ ಆಗಿದ್ದೆ. ಆ ಸಂದರ್ಭದಲ್ಲಿ ನನಗೆ ಬದುಕಿನ ಆಸೆ ಇತ್ತು. ಅವನು ನನ್ನನ್ನು ಚೆನ್ನಾಗಿ ನೋಡಿಕೊಂಡ. ಬದುಕು ಮತ್ತೆ ಚಿಗುರಿದೆ ಎಂದು ಭಾವುಕರಾಗಿ ನುಡಿದರು. ಆಸ್ಪತ್ರೆಯ ವೈದ್ಯರು ಉತ್ತಮ ಚಿಕಿತ್ಸೆ ನೀಡಿದ್ದಾರೆ ಎಂದು ಕೃತಜ್ಞತೆ ಸಲ್ಲಿಸಿದರು.
ಮಾಡಿದ ವೈದ್ಯರ ತಂಡಕ್ಕೆ ಅಭಿನಂದನೆ ಸಲ್ಲಿಸಿದರು. ಆಕೆ ತಾಯಿ ಇಲ್ಲದೆ ಸುಮಾರು 30 ವರ್ಷಗಳಿಂದ ಒಂಟಿಯಾಗಿ ಬದುಕುತ್ತಿದ್ದರು. ಸಾವು ಬದುಕಿನ ನಡುವೆ ಹೋರಾಡುತ್ತಿದ್ದ ಅವರಿಗೆ ಮರುಜನ್ಮ ಸಿಕ್ಕಂತಾಗಿದೆ. ಆಸ್ಪತ್ರೆಯ ಆಡಳಿತ ಮಂಡಳಿ ಮತ್ತು ಸಿಬ್ಬಂದಿ ವರ್ಗ ಸಹಕಾರ ನೀಡಿತು ಎಂದು ತಿಳಿಸಿದರು.
ಹತ್ಯೆ
ಕಡೆಗೆ ಬಂದಿದ್ದ ಅಣ್ಣ ತಮ್ಮನ ನಡುವೆ ಜಮೀನು ವಿಚಾರವಾಗಿ ಜಗಳ ನಡೆದಿದೆ. ಜಗಳ ವಿಕೋಪಕ್ಕೆ ತಿರುಗಿ ಅಣ್ಣನನ್ನು ಹತ್ಯೆಗೈದಿದ್ದಾನೆ. ಕೊಲೆ ಮಾಡಿದ ನಂತರ ಆರೋಪಿ ಪರಾರಿಯಾಗಿದ್ದ. ಪೊಲೀಸರು ವಿಶೇಷ ತಂಡ ರಚಿಸಿ ಆರೋಪಿಯನ್ನು ಬಂಧಿಸಿದ್ದಾರೆ. ಆಸ್ತಿ ವಿಚಾರಕ್ಕೆ ಹಲವು ದಿನಗಳಿಂದ ಇಬ್ಬರ ನಡುವೆ ಮನಸ್ತಾಪ ಇತ್ತು. ಡಿಸೆಂಬರ್ 7 ರಂದು ಈ ಘಟನೆ ನಡೆದಿದ್ದು ಪ್ರಕರಣ ದಾಖಲಾಗಿದೆ. ಆರೋಪಿಯನ್ನು ನ್ಯಾಯಾಂಗ ಬಂಧನಕ್ಕೆ ಒಪ್ಪಿಸಲಾಗಿದೆ. ಮೃತರ ಕುಟುಂಬಕ್ಕೆ ನ್ಯಾಯ ಒದಗಿಸುವಂತೆ ಗ್ರಾಮಸ್ಥರು ಒತ್ತಾಯಿಸಿದ್ದಾರೆ. ಆಸ್ತಿ ವಿಚಾರಕ್ಕೆ ನಡೆಯುತ್ತಿರುವ ಇಂತಹ ಘಟನೆಗಳು ಆತಂಕ ಮೂಡಿಸಿವೆ.
ವಿದ್ಯಾರ್ಥಿನಿಯರ ಸಾವು ಕೇಸ್: ಮುಖ್ಯಶಿಕ್ಷಕರು ಸೇರಿ 7 ಮಂದಿ ವಶಕ್ಕೆ
ಕಾರವಾರ: ಮುರುಡೇಶ್ವರದಲ್ಲಿ ನೀರುಪಾಲಾಗಿ ನಾಲ್ವರು ವಿದ್ಯಾರ್ಥಿನಿಯರು ಸಾವನ್ನಪ್ಪಿದ ಪ್ರಕರಣಕ್ಕೆ ಸಂಬಂಧಿಸಿದಂತೆ ಮುಖ್ಯಶಿಕ್ಷಕರು ಸೇರಿ 7 ಶಿಕ್ಷಕರನ್ನು ಪೊಲೀಸರು ವಶಕ್ಕೆ ಪಡೆದಿದ್ದಾರೆ. ಕೋಲಾರ ಜಿಲ್ಲೆಯ ಮುಳಬಾಗಿಲು ತಾಲೂಕಿನ ವಸತಿ ಶಾಲೆಯ 46 ವಿದ್ಯಾರ್ಥಿನಿಯರು ಶೈಕ್ಷಣಿಕ ಪ್ರವಾಸಕ್ಕೆ ಬಂದಿದ್ದರು. ಸಮುದ್ರದಲ್ಲಿ ಆಟವಾಡುತ್ತಿದ್ದಾಗ ಅಲೆಗಳ ಸೆಳೆತಕ್ಕೆ ಸಿಲುಕಿ ನಾಲ್ವರು ಮೃತಪಟ್ಟಿದ್ದರು. ಶಿಕ್ಷಕರ ನಿರ್ಲಕ್ಷ್ಯದಿಂದ ಘಟನೆ ನಡೆದಿದೆ ಎಂದು ಆರೋಪಿಸಲಾಗಿದ್ದು ಪ್ರಕರಣ ದಾಖಲಾಗಿದೆ. ಮೃತ ವಿದ್ಯಾರ್ಥಿನಿಯರ ಕುಟುಂಬಗಳಿಗೆ ಸರ್ಕಾರ ಪರಿಹಾರ ಘೋಷಿಸಿದೆ. ಕೋಲಾರ ಜಿಲ್ಲಾಧಿಕಾರಿಗಳು ಈ ಬಗ್ಗೆ ತನಿಖೆಗೆ ಆದೇಶಿಸಿದ್ದಾರೆ. ಪ್ರವಾಸದ ವೇಳೆ ಸುರಕ್ಷತಾ ಕ್ರಮಗಳನ್ನು ಪಾಲಿಸಬೇಕು ಎಂದು ಶಾಲೆಗಳಿಗೆ ಸೂಚನೆ ನೀಡಲಾಗಿದೆ.
